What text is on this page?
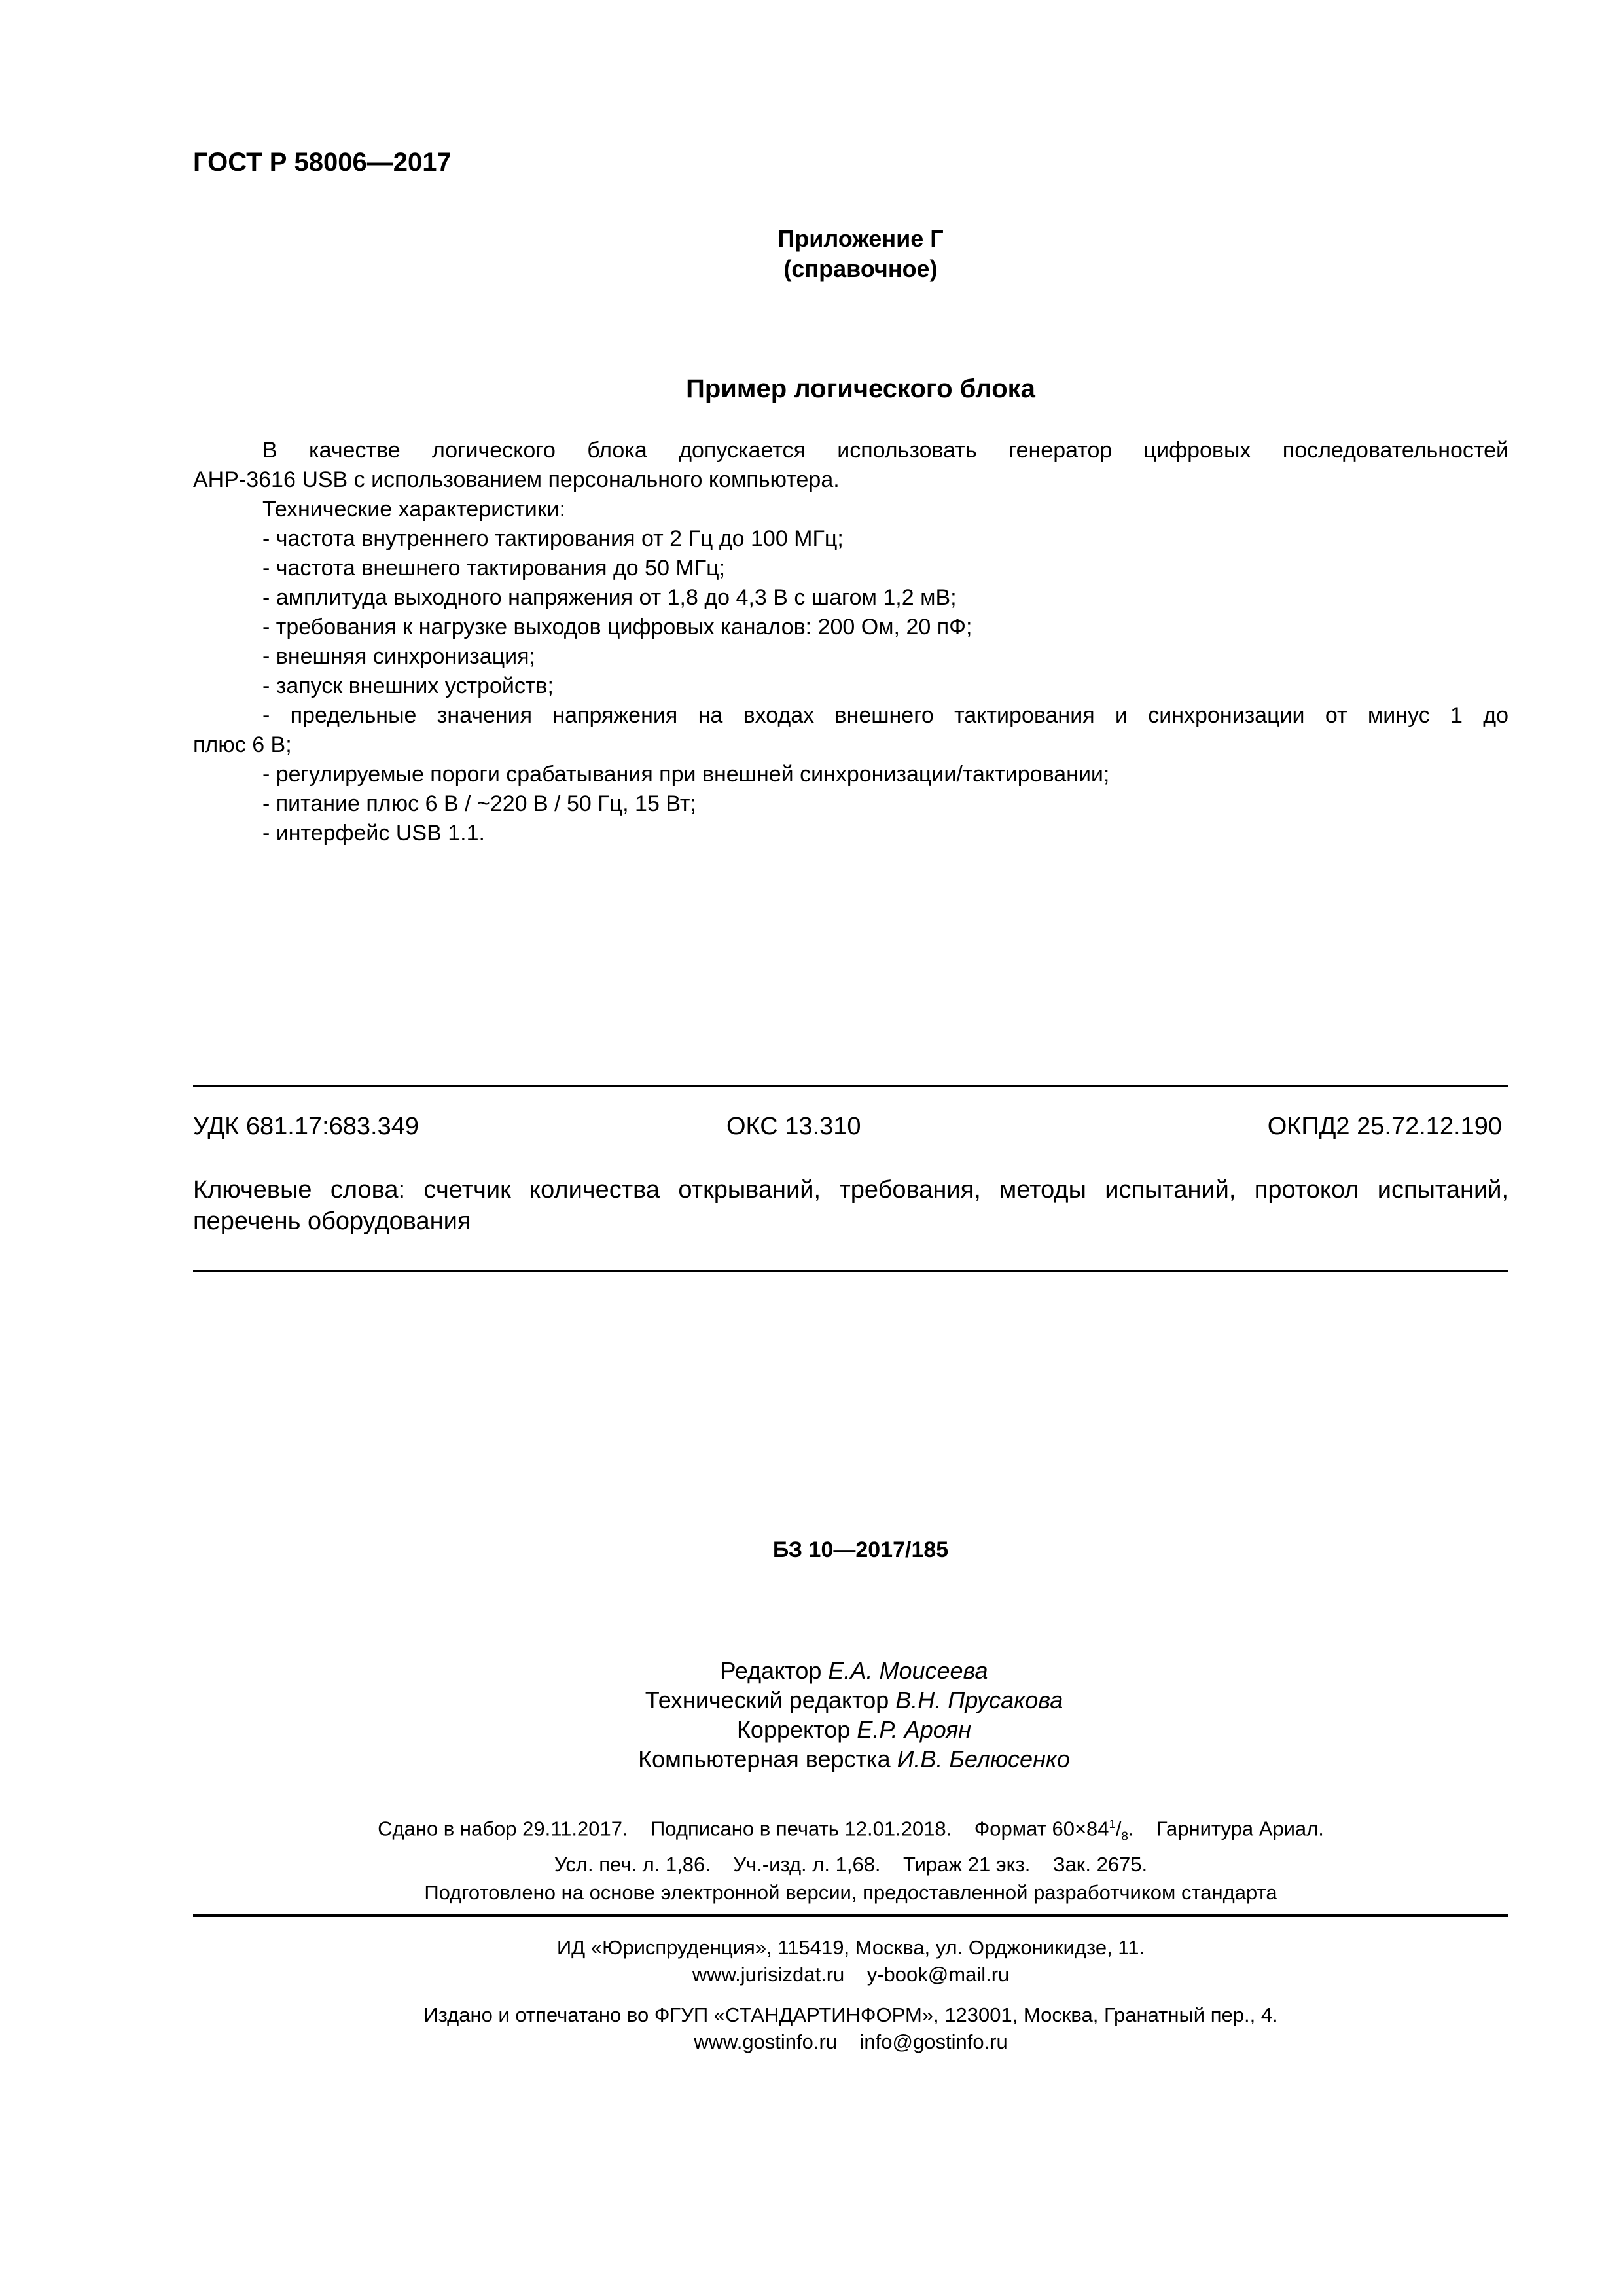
ГОСТ Р 58006—2017
Приложение Г
(справочное)
Пример логического блока

В качестве логического блока допускается использовать генератор цифровых последовательностей

АНР-3616 USB с использованием персонального компьютера.

Технические характеристики:

- частота внутреннего тактирования от 2 Гц до 100 МГц;

- частота внешнего тактирования до 50 МГц;

- амплитуда выходного напряжения от 1,8 до 4,3 В с шагом 1,2 мВ;

- требования к нагрузке выходов цифровых каналов: 200 Ом, 20 пФ;

- внешняя синхронизация;

- запуск внешних устройств;

- предельные значения напряжения на входах внешнего тактирования и синхронизации от минус 1 до

плюс 6 В;

- регулируемые пороги срабатывания при внешней синхронизации/тактировании;

- питание плюс 6 В / ~220 В / 50 Гц, 15 Вт;

- интерфейс USB 1.1.

УДК 681.17:683.349	ОКС 13.310	ОКПД2 25.72.12.190
Ключевые слова: счетчик количества открываний, требования, методы испытаний, протокол испытаний, перечень оборудования
БЗ 10—2017/185
Редактор Е.А. Моисеева
Технический редактор В.Н. Прусакова
Корректор Е.Р. Ароян
Компьютерная верстка И.В. Белюсенко
Сдано в набор 29.11.2017. Подписано в печать 12.01.2018. Формат $60\times 84^1/_8$.    Гарнитура Ариал.
Усл. печ. л. 1,86. Уч.-изд. л. 1,68. Тираж 21 экз. Зак. 2675.
Подготовлено на основе электронной версии, предоставленной разработчиком стандарта
ИД «Юриспруденция», 115419, Москва, ул. Орджоникидзе, 11.
www.jurisizdat.ru y-book@mail.ru
Издано и отпечатано во ФГУП «СТАНДАРТИНФОРМ», 123001, Москва, Гранатный пер., 4.
www.gostinfo.ru info@gostinfo.ru
